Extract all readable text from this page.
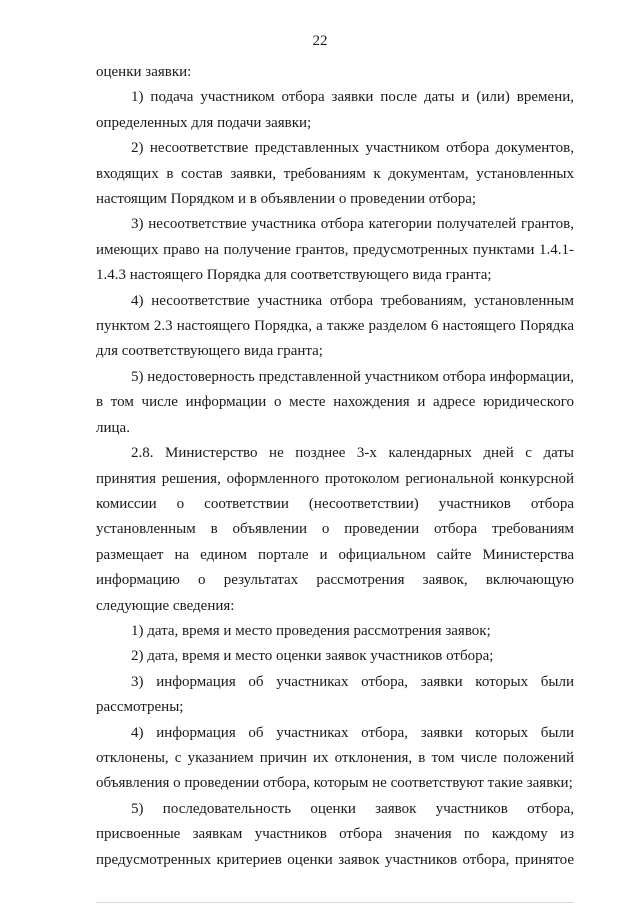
22

оценки заявки:

1) подача участником отбора заявки после даты и (или) времени, определенных для подачи заявки;

2) несоответствие представленных участником отбора документов, входящих в состав заявки, требованиям к документам, установленных настоящим Порядком и в объявлении о проведении отбора;

3) несоответствие участника отбора категории получателей грантов, имеющих право на получение грантов, предусмотренных пунктами 1.4.1-1.4.3 настоящего Порядка для соответствующего вида гранта;

4) несоответствие участника отбора требованиям, установленным пунктом 2.3 настоящего Порядка, а также разделом 6 настоящего Порядка для соответствующего вида гранта;

5) недостоверность представленной участником отбора информации, в том числе информации о месте нахождения и адресе юридического лица.

2.8. Министерство не позднее 3-х календарных дней с даты принятия решения, оформленного протоколом региональной конкурсной комиссии о соответствии (несоответствии) участников отбора установленным в объявлении о проведении отбора требованиям размещает на едином портале и официальном сайте Министерства информацию о результатах рассмотрения заявок, включающую следующие сведения:

1) дата, время и место проведения рассмотрения заявок;

2) дата, время и место оценки заявок участников отбора;

3) информация об участниках отбора, заявки которых были рассмотрены;

4) информация об участниках отбора, заявки которых были отклонены, с указанием причин их отклонения, в том числе положений объявления о проведении отбора, которым не соответствуют такие заявки;

5) последовательность оценки заявок участников отбора, присвоенные заявкам участников отбора значения по каждому из предусмотренных критериев оценки заявок участников отбора, принятое
